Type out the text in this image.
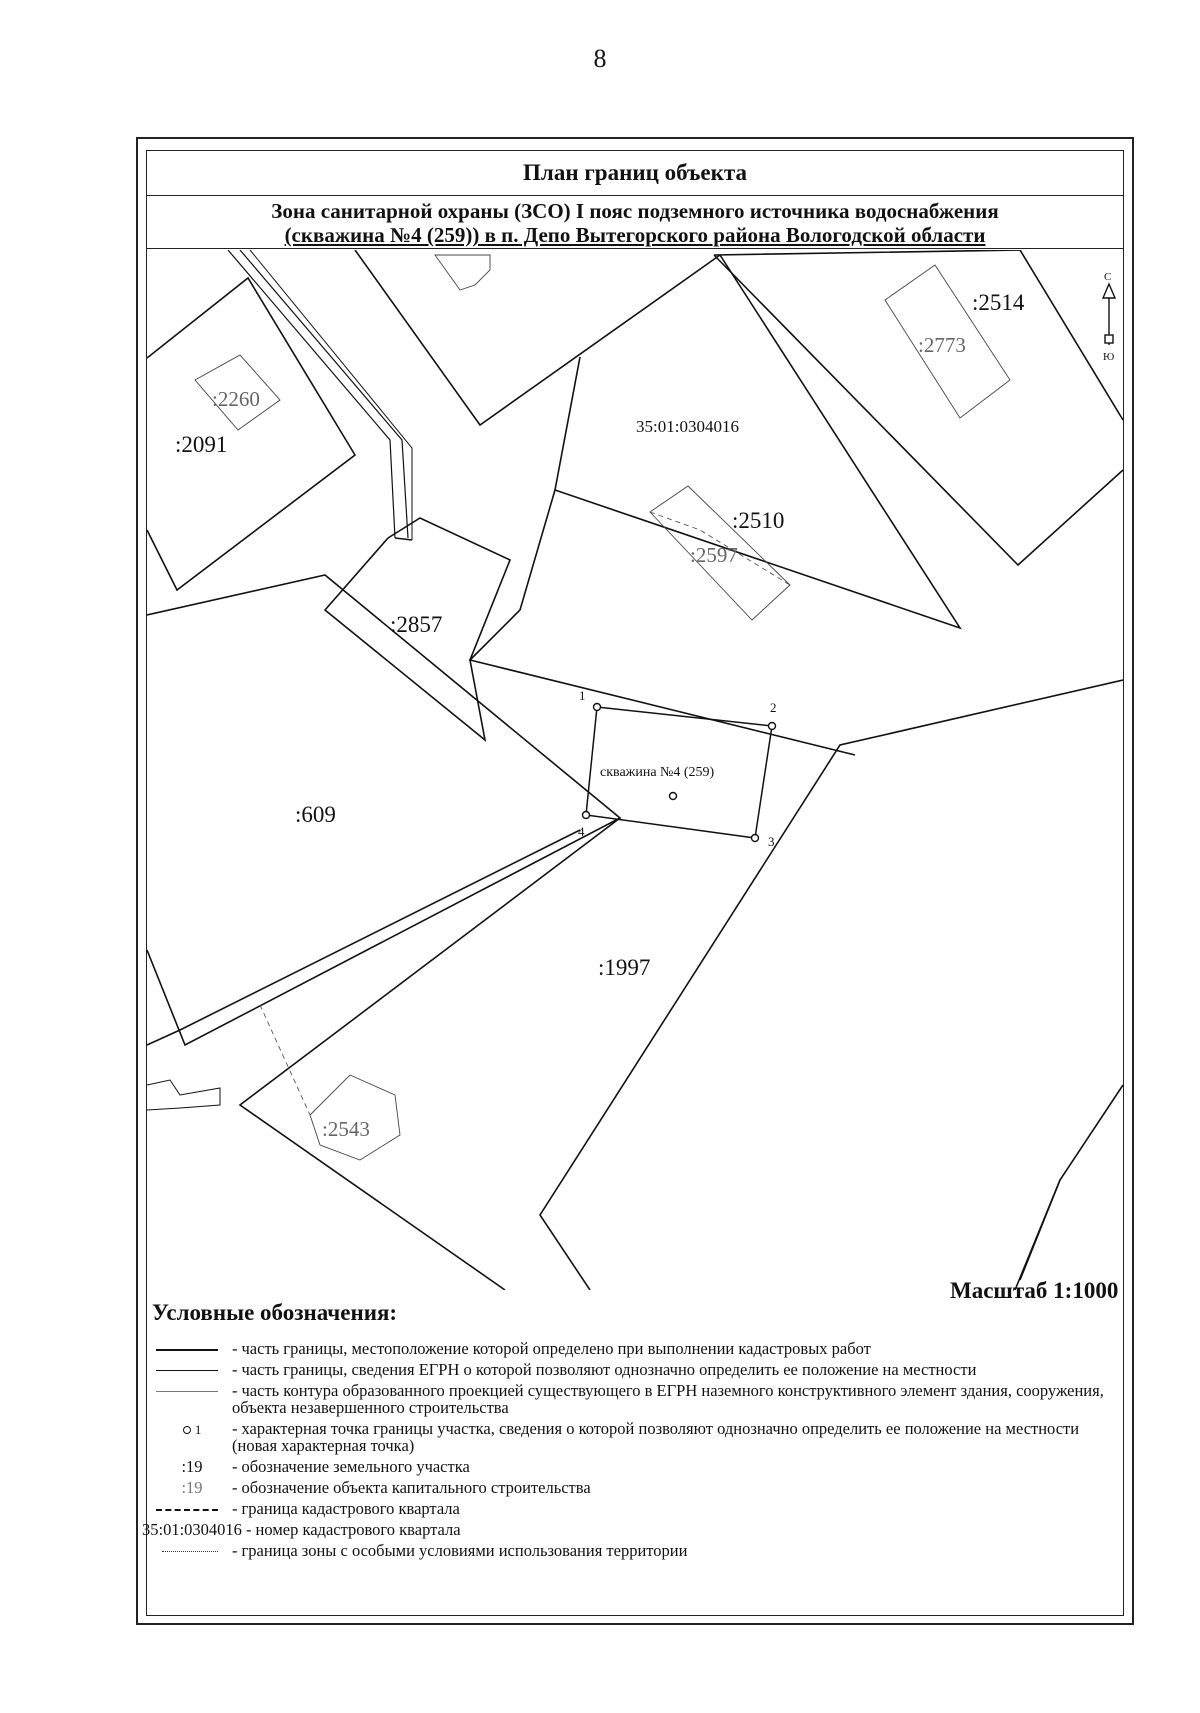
8
План границ объекта
Зона санитарной охраны (ЗСО) I пояс подземного источника водоснабжения
(скважина №4 (259)) в п. Депо Вытегорского района Вологодской области
1
2
3
4
скважина №4 (259)
35:01:0304016
:2514
:2091
:2510
:2857
:609
:1997
:2773
:2260
:2597
:2543
С
Ю
Масштаб 1:1000
Условные обозначения:
- часть границы, местоположение которой определено при выполнении кадастровых работ
- часть границы, сведения ЕГРН о которой позволяют однозначно определить ее положение на местности
- часть контура образованного проекцией существующего в ЕГРН наземного конструктивного элемент здания, сооружения, объекта незавершенного строительства
1	- характерная точка границы участка, сведения о которой позволяют однозначно определить ее положение на местности (новая характерная точка)
:19	- обозначение земельного участка
:19	- обозначение объекта капитального строительства
- граница кадастрового квартала
35:01:0304016 - номер кадастрового квартала
- граница зоны с особыми условиями использования территории
